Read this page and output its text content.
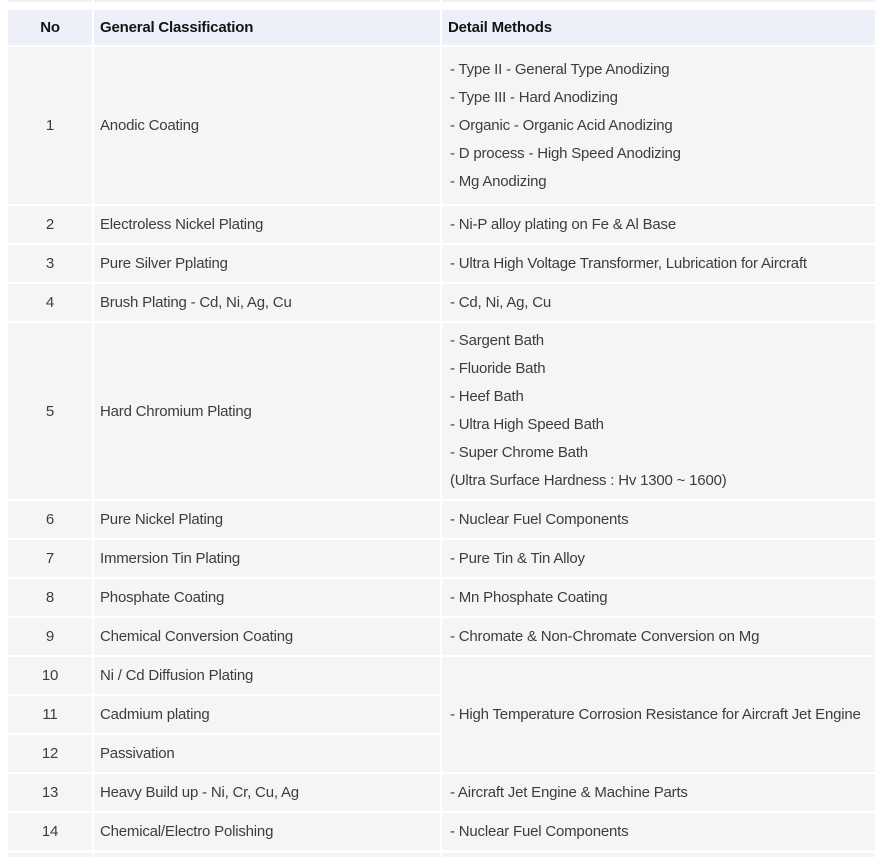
No	General Classification	Detail Methods
1	Anodic Coating	- Type II - General Type Anodizing
- Type III - Hard Anodizing
- Organic - Organic Acid Anodizing
- D process - High Speed Anodizing
- Mg Anodizing

2	Electroless Nickel Plating	- Ni-P alloy plating on Fe & Al Base
3	Pure Silver Pplating	- Ultra High Voltage Transformer, Lubrication for Aircraft
4	Brush Plating - Cd, Ni, Ag, Cu	- Cd, Ni, Ag, Cu
5	Hard Chromium Plating	
- Sargent Bath
- Fluoride Bath
- Heef Bath
- Ultra High Speed Bath
- Super Chrome Bath
(Ultra Surface Hardness : Hv 1300 ~ 1600)

6	Pure Nickel Plating	- Nuclear Fuel Components
7	Immersion Tin Plating	- Pure Tin & Tin Alloy
8	Phosphate Coating	- Mn Phosphate Coating
9	Chemical Conversion Coating	- Chromate & Non-Chromate Conversion on Mg
10	Ni / Cd Diffusion Plating	- High Temperature Corrosion Resistance for Aircraft Jet Engine
11	Cadmium plating	
12	Passivation	
13	Heavy Build up - Ni, Cr, Cu, Ag	- Aircraft Jet Engine & Machine Parts
14	Chemical/Electro Polishing	- Nuclear Fuel Components
